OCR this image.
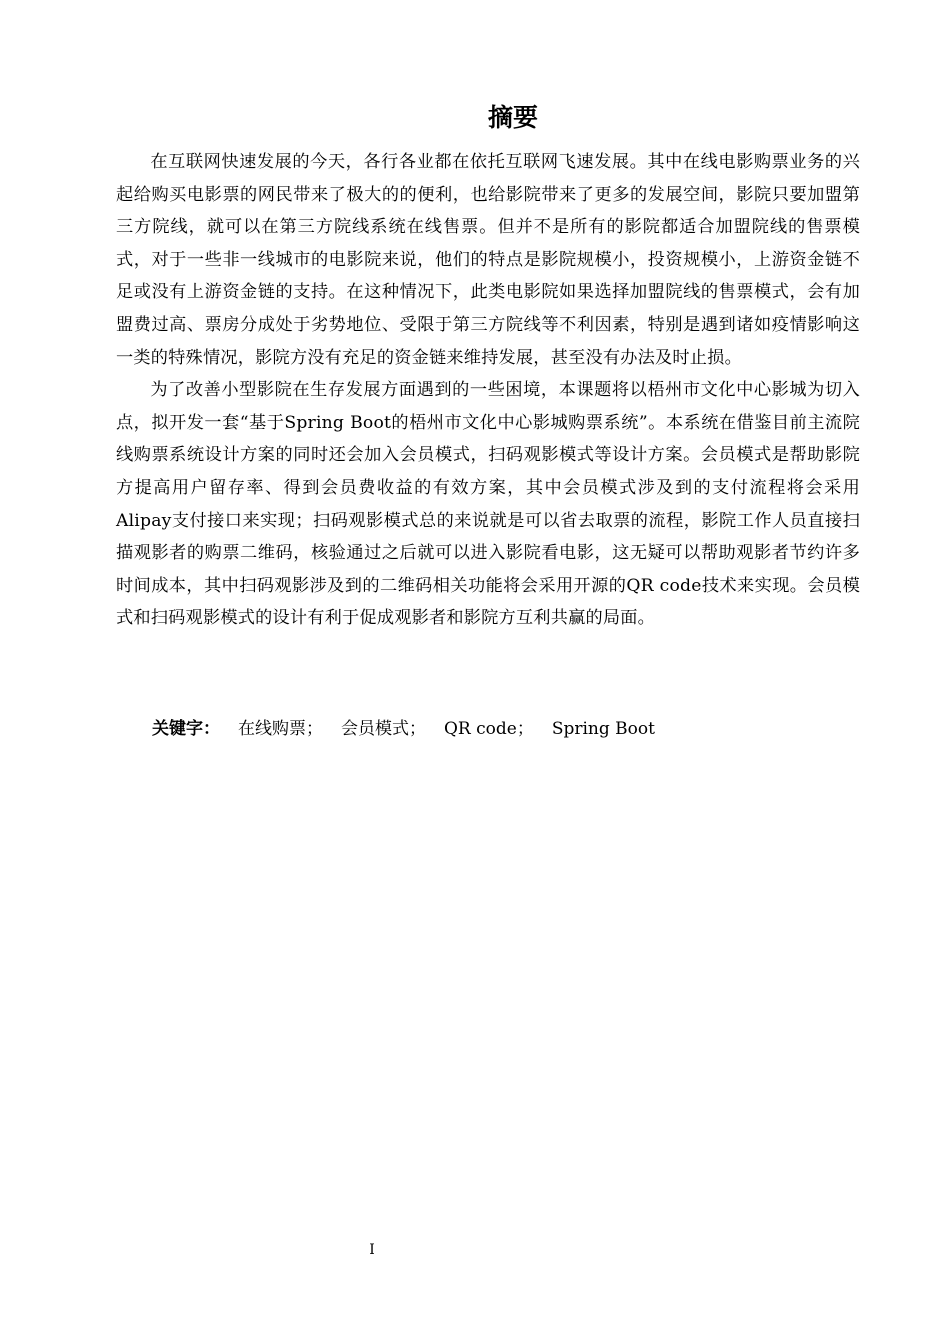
摘要

在互联网快速发展的今天，各行各业都在依托互联网飞速发展。其中在线电影购票业务的兴起给购买电影票的网民带来了极大的的便利，也给影院带来了更多的发展空间，影院只要加盟第三方院线，就可以在第三方院线系统在线售票。但并不是所有的影院都适合加盟院线的售票模式，对于一些非一线城市的电影院来说，他们的特点是影院规模小，投资规模小，上游资金链不足或没有上游资金链的支持。在这种情况下，此类电影院如果选择加盟院线的售票模式，会有加盟费过高、票房分成处于劣势地位、受限于第三方院线等不利因素，特别是遇到诸如疫情影响这一类的特殊情况，影院方没有充足的资金链来维持发展，甚至没有办法及时止损。

为了改善小型影院在生存发展方面遇到的一些困境，本课题将以梧州市文化中心影城为切入点，拟开发一套“基于Spring Boot的梧州市文化中心影城购票系统”。本系统在借鉴目前主流院线购票系统设计方案的同时还会加入会员模式，扫码观影模式等设计方案。会员模式是帮助影院方提高用户留存率、得到会员费收益的有效方案，其中会员模式涉及到的支付流程将会采用Alipay支付接口来实现；扫码观影模式总的来说就是可以省去取票的流程，影院工作人员直接扫描观影者的购票二维码，核验通过之后就可以进入影院看电影，这无疑可以帮助观影者节约许多时间成本，其中扫码观影涉及到的二维码相关功能将会采用开源的QR code技术来实现。会员模式和扫码观影模式的设计有利于促成观影者和影院方互利共赢的局面。

关键字： 在线购票； 会员模式； QR code； Spring Boot
I
